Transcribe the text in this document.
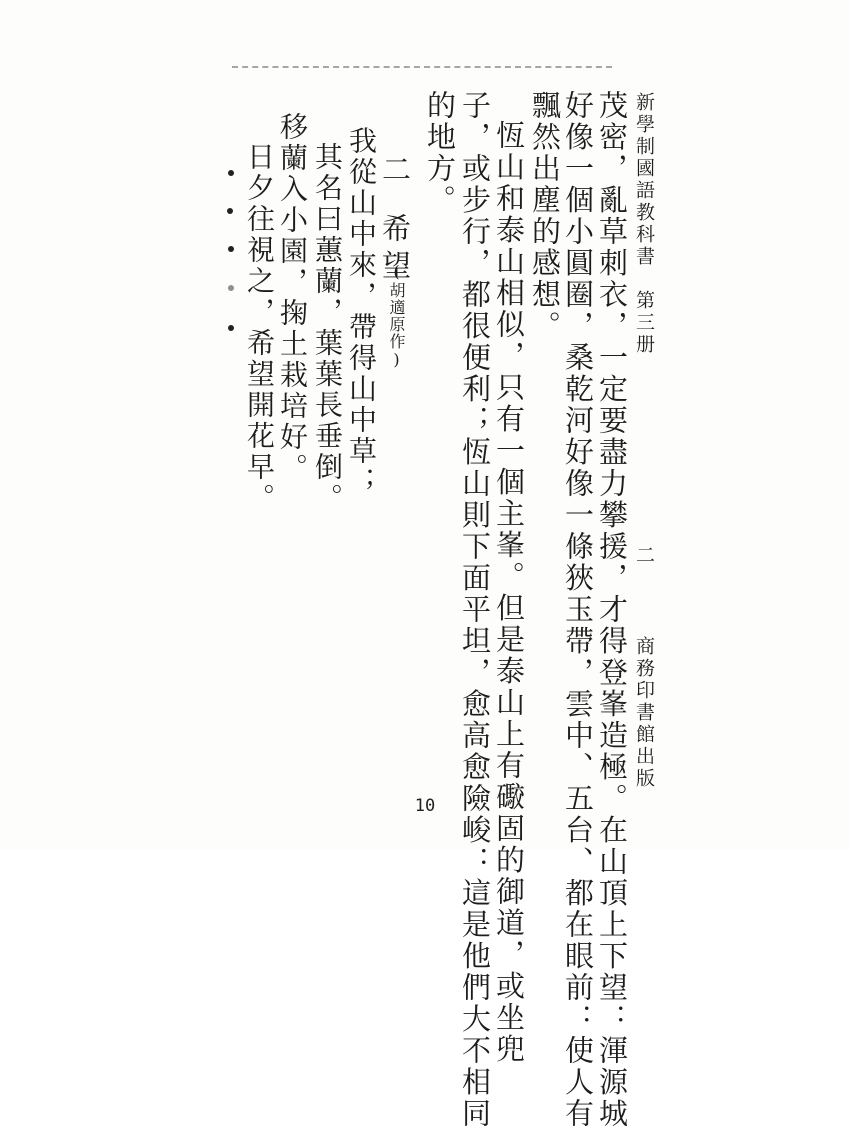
新學制國語教科書　第三册
二
商務印書館出版
茂密，亂草刺衣，一定要盡力攀援，才得登峯造極。在山頂上下望：渾源城
好像一個小圓圈，桑乾河好像一條狹玉帶，雲中、五台、都在眼前：使人有
飄然出塵的感想。
恆山和泰山相似，只有一個主峯。但是泰山上有礮固的御道，或坐兜
子，或步行，都很便利；恆山則下面平坦，愈高愈險峻：這是他們大不相同
的地方。
二
希望
(胡適原作)
我從山中來，帶得山中草；
其名曰蕙蘭，葉葉長垂倒。
移蘭入小園，掬土栽培好。
日夕往視之，希望開花早。
10
